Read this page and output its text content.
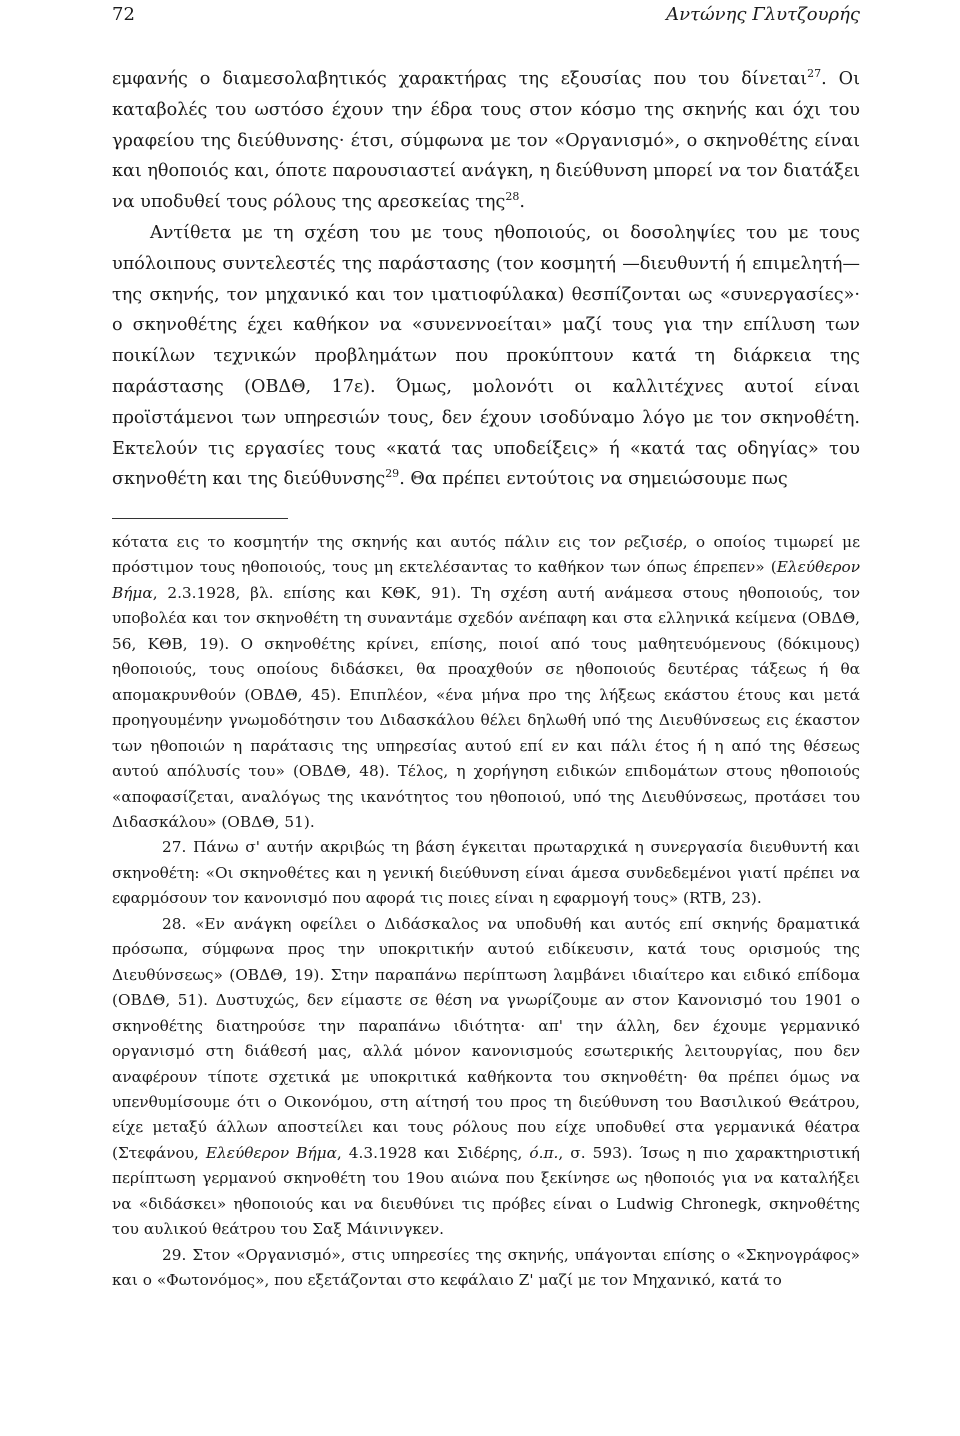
72	Αντώνης Γλυτζουρής

εμφανής ο διαμεσολαβητικός χαρακτήρας της εξουσίας που του δίνεται$^{27}$. Οι καταβολές του ωστόσο έχουν την έδρα τους στον κόσμο της σκηνής και όχι του γραφείου της διεύθυνσης· έτσι, σύμφωνα με τον «Οργανισμό», ο σκηνοθέτης είναι και ηθοποιός και, όποτε παρουσιαστεί ανάγκη, η διεύθυνση μπορεί να τον διατάξει να υποδυθεί τους ρόλους της αρεσκείας της$^{28}$.

Αντίθετα με τη σχέση του με τους ηθοποιούς, οι δοσοληψίες του με τους υπόλοιπους συντελεστές της παράστασης (τον κοσμητή —διευθυντή ή επιμελητή— της σκηνής, τον μηχανικό και τον ιματιοφύλακα) θεσπίζονται ως «συνεργασίες»· ο σκηνοθέτης έχει καθήκον να «συνεννοείται» μαζί τους για την επίλυση των ποικίλων τεχνικών προβλημάτων που προκύπτουν κατά τη διάρκεια της παράστασης (ΟΒΔΘ, 17ε). Όμως, μολονότι οι καλλιτέχνες αυτοί είναι προϊστάμενοι των υπηρεσιών τους, δεν έχουν ισοδύναμο λόγο με τον σκηνοθέτη. Εκτελούν τις εργασίες τους «κατά τας υποδείξεις» ή «κατά τας οδηγίας» του σκηνοθέτη και της διεύθυνσης$^{29}$. Θα πρέπει εντούτοις να σημειώσουμε πως

κότατα εις το κοσμητήν της σκηνής και αυτός πάλιν εις τον ρεζισέρ, ο οποίος τιμωρεί με πρόστιμον τους ηθοποιούς, τους μη εκτελέσαντας το καθήκον των όπως έπρεπεν» (Ελεύθερον Βήμα, 2.3.1928, βλ. επίσης και ΚΘΚ, 91). Τη σχέση αυτή ανάμεσα στους ηθοποιούς, τον υποβολέα και τον σκηνοθέτη τη συναντάμε σχεδόν ανέπαφη και στα ελληνικά κείμενα (ΟΒΔΘ, 56, ΚΘΒ, 19). Ο σκηνοθέτης κρίνει, επίσης, ποιοί από τους μαθητευόμενους (δόκιμους) ηθοποιούς, τους οποίους διδάσκει, θα προαχθούν σε ηθοποιούς δευτέρας τάξεως ή θα απομακρυνθούν (ΟΒΔΘ, 45). Επιπλέον, «ένα μήνα προ της λήξεως εκάστου έτους και μετά προηγουμένην γνωμοδότησιν του Διδασκάλου θέλει δηλωθή υπό της Διευθύνσεως εις έκαστον των ηθοποιών η παράτασις της υπηρεσίας αυτού επί εν και πάλι έτος ή η από της θέσεως αυτού απόλυσίς του» (ΟΒΔΘ, 48). Τέλος, η χορήγηση ειδικών επιδομάτων στους ηθοποιούς «αποφασίζεται, αναλόγως της ικανότητος του ηθοποιού, υπό της Διευθύνσεως, προτάσει του Διδασκάλου» (ΟΒΔΘ, 51).

27. Πάνω σ' αυτήν ακριβώς τη βάση έγκειται πρωταρχικά η συνεργασία διευθυντή και σκηνοθέτη: «Οι σκηνοθέτες και η γενική διεύθυνση είναι άμεσα συνδεδεμένοι γιατί πρέπει να εφαρμόσουν τον κανονισμό που αφορά τις ποιες είναι η εφαρμογή τους» (RTB, 23).

28. «Εν ανάγκη οφείλει ο Διδάσκαλος να υποδυθή και αυτός επί σκηνής δραματικά πρόσωπα, σύμφωνα προς την υποκριτικήν αυτού ειδίκευσιν, κατά τους ορισμούς της Διευθύνσεως» (ΟΒΔΘ, 19). Στην παραπάνω περίπτωση λαμβάνει ιδιαίτερο και ειδικό επίδομα (ΟΒΔΘ, 51). Δυστυχώς, δεν είμαστε σε θέση να γνωρίζουμε αν στον Κανονισμό του 1901 ο σκηνοθέτης διατηρούσε την παραπάνω ιδιότητα· απ' την άλλη, δεν έχουμε γερμανικό οργανισμό στη διάθεσή μας, αλλά μόνον κανονισμούς εσωτερικής λειτουργίας, που δεν αναφέρουν τίποτε σχετικά με υποκριτικά καθήκοντα του σκηνοθέτη· θα πρέπει όμως να υπενθυμίσουμε ότι ο Οικονόμου, στη αίτησή του προς τη διεύθυνση του Βασιλικού Θεάτρου, είχε μεταξύ άλλων αποστείλει και τους ρόλους που είχε υποδυθεί στα γερμανικά θέατρα (Στεφάνου, Ελεύθερον Βήμα, 4.3.1928 και Σιδέρης, ό.π., σ. 593). Ίσως η πιο χαρακτηριστική περίπτωση γερμανού σκηνοθέτη του 19ου αιώνα που ξεκίνησε ως ηθοποιός για να καταλήξει να «διδάσκει» ηθοποιούς και να διευθύνει τις πρόβες είναι ο Ludwig Chronegk, σκηνοθέτης του αυλικού θεάτρου του Σαξ Μάινινγκεν.

29. Στον «Οργανισμό», στις υπηρεσίες της σκηνής, υπάγονται επίσης ο «Σκηνογράφος» και ο «Φωτονόμος», που εξετάζονται στο κεφάλαιο Ζ' μαζί με τον Μηχανικό, κατά το
